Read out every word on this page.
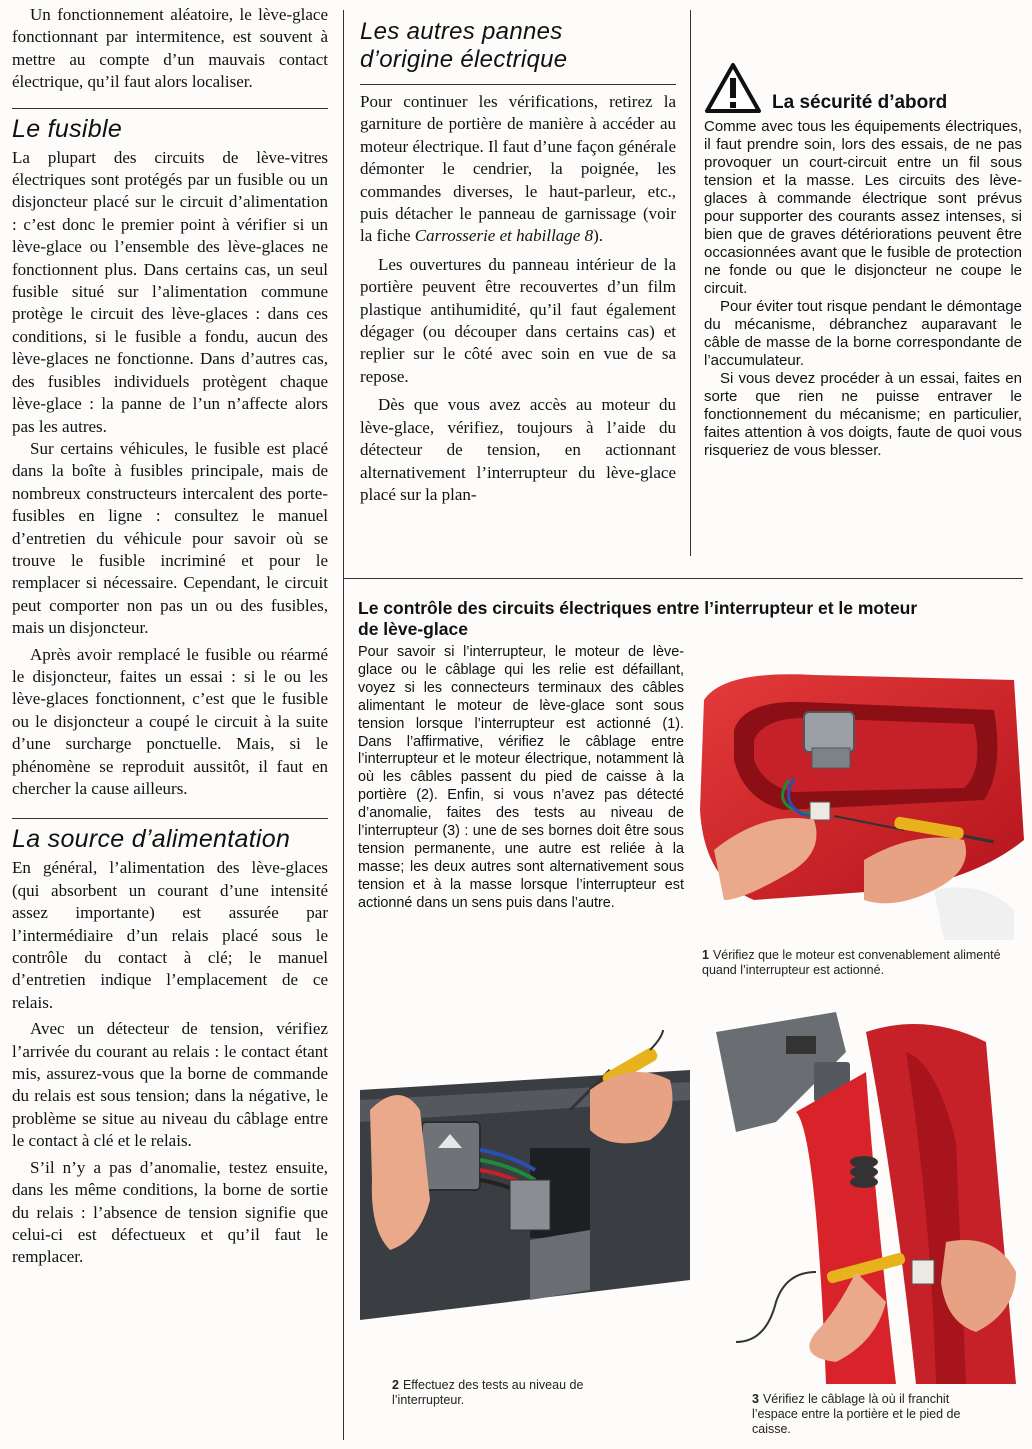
Un fonctionnement aléatoire, le lève-glace fonctionnant par intermitence, est souvent à mettre au compte d’un mauvais contact électrique, qu’il faut alors localiser.

Le fusible

La plupart des circuits de lève-vitres électriques sont protégés par un fusible ou un disjoncteur placé sur le circuit d’alimentation : c’est donc le premier point à vérifier si un lève-glace ou l’ensemble des lève-glaces ne fonctionnent plus. Dans certains cas, un seul fusible situé sur l’alimentation commune protège le circuit des lève-glaces : dans ces conditions, si le fusible a fondu, aucun des lève-glaces ne fonctionne. Dans d’autres cas, des fusibles individuels protègent chaque lève-glace : la panne de l’un n’affecte alors pas les autres.

Sur certains véhicules, le fusible est placé dans la boîte à fusibles principale, mais de nombreux constructeurs intercalent des porte-fusibles en ligne : consultez le manuel d’entretien du véhicule pour savoir où se trouve le fusible incriminé et pour le remplacer si nécessaire. Cependant, le circuit peut comporter non pas un ou des fusibles, mais un disjoncteur.

Après avoir remplacé le fusible ou réarmé le disjoncteur, faites un essai : si le ou les lève-glaces fonctionnent, c’est que le fusible ou le disjoncteur a coupé le circuit à la suite d’une surcharge ponctuelle. Mais, si le phénomène se reproduit aussitôt, il faut en chercher la cause ailleurs.

La source d’alimentation

En général, l’alimentation des lève-glaces (qui absorbent un courant d’une intensité assez importante) est assurée par l’intermédiaire d’un relais placé sous le contrôle du contact à clé; le manuel d’entretien indique l’emplacement de ce relais.

Avec un détecteur de tension, vérifiez l’arrivée du courant au relais : le contact étant mis, assurez-vous que la borne de commande du relais est sous tension; dans la négative, le problème se situe au niveau du câblage entre le contact à clé et le relais.

S’il n’y a pas d’anomalie, testez ensuite, dans les même conditions, la borne de sortie du relais : l’absence de tension signifie que celui-ci est défectueux et qu’il faut le remplacer.

Les autres pannes d’origine électrique

Pour continuer les vérifications, retirez la garniture de portière de manière à accéder au moteur électrique. Il faut d’une façon générale démonter le cendrier, la poignée, les commandes diverses, le haut-parleur, etc., puis détacher le panneau de garnissage (voir la fiche Carrosserie et habillage 8).

Les ouvertures du panneau intérieur de la portière peuvent être recouvertes d’un film plastique antihumidité, qu’il faut également dégager (ou découper dans certains cas) et replier sur le côté avec soin en vue de sa repose.

Dès que vous avez accès au moteur du lève-glace, vérifiez, toujours à l’aide du détecteur de tension, en actionnant alternativement l’interrupteur du lève-glace placé sur la plan-

La sécurité d’abord

Comme avec tous les équipements électriques, il faut prendre soin, lors des essais, de ne pas provoquer un court-circuit entre un fil sous tension et la masse. Les circuits des lève-glaces à commande électrique sont prévus pour supporter des courants assez intenses, si bien que de graves détériorations peuvent être occasionnées avant que le fusible de protection ne fonde ou que le disjoncteur ne coupe le circuit.

Pour éviter tout risque pendant le démontage du mécanisme, débranchez auparavant le câble de masse de la borne correspondante de l’accumulateur.

Si vous devez procéder à un essai, faites en sorte que rien ne puisse entraver le fonctionnement du mécanisme; en particulier, faites attention à vos doigts, faute de quoi vous risqueriez de vous blesser.

Le contrôle des circuits électriques entre l’interrupteur et le moteur de lève-glace

Pour savoir si l’interrupteur, le moteur de lève-glace ou le câblage qui les relie est défaillant, voyez si les connecteurs terminaux des câbles alimentant le moteur de lève-glace sont sous tension lorsque l’interrupteur est actionné (1). Dans l’affirmative, vérifiez le câblage entre l’interrupteur et le moteur électrique, notamment là où les câbles passent du pied de caisse à la portière (2). Enfin, si vous n’avez pas détecté d’anomalie, faites des tests au niveau de l’interrupteur (3) : une de ses bornes doit être sous tension permanente, une autre est reliée à la masse; les deux autres sont alternativement sous tension et à la masse lorsque l’interrupteur est actionné dans un sens puis dans l’autre.

1 Vérifiez que le moteur est convenablement alimenté quand l’interrupteur est actionné.
2 Effectuez des tests au niveau de l’interrupteur.	3 Vérifiez le câblage là où il franchit l’espace entre la portière et le pied de caisse.
